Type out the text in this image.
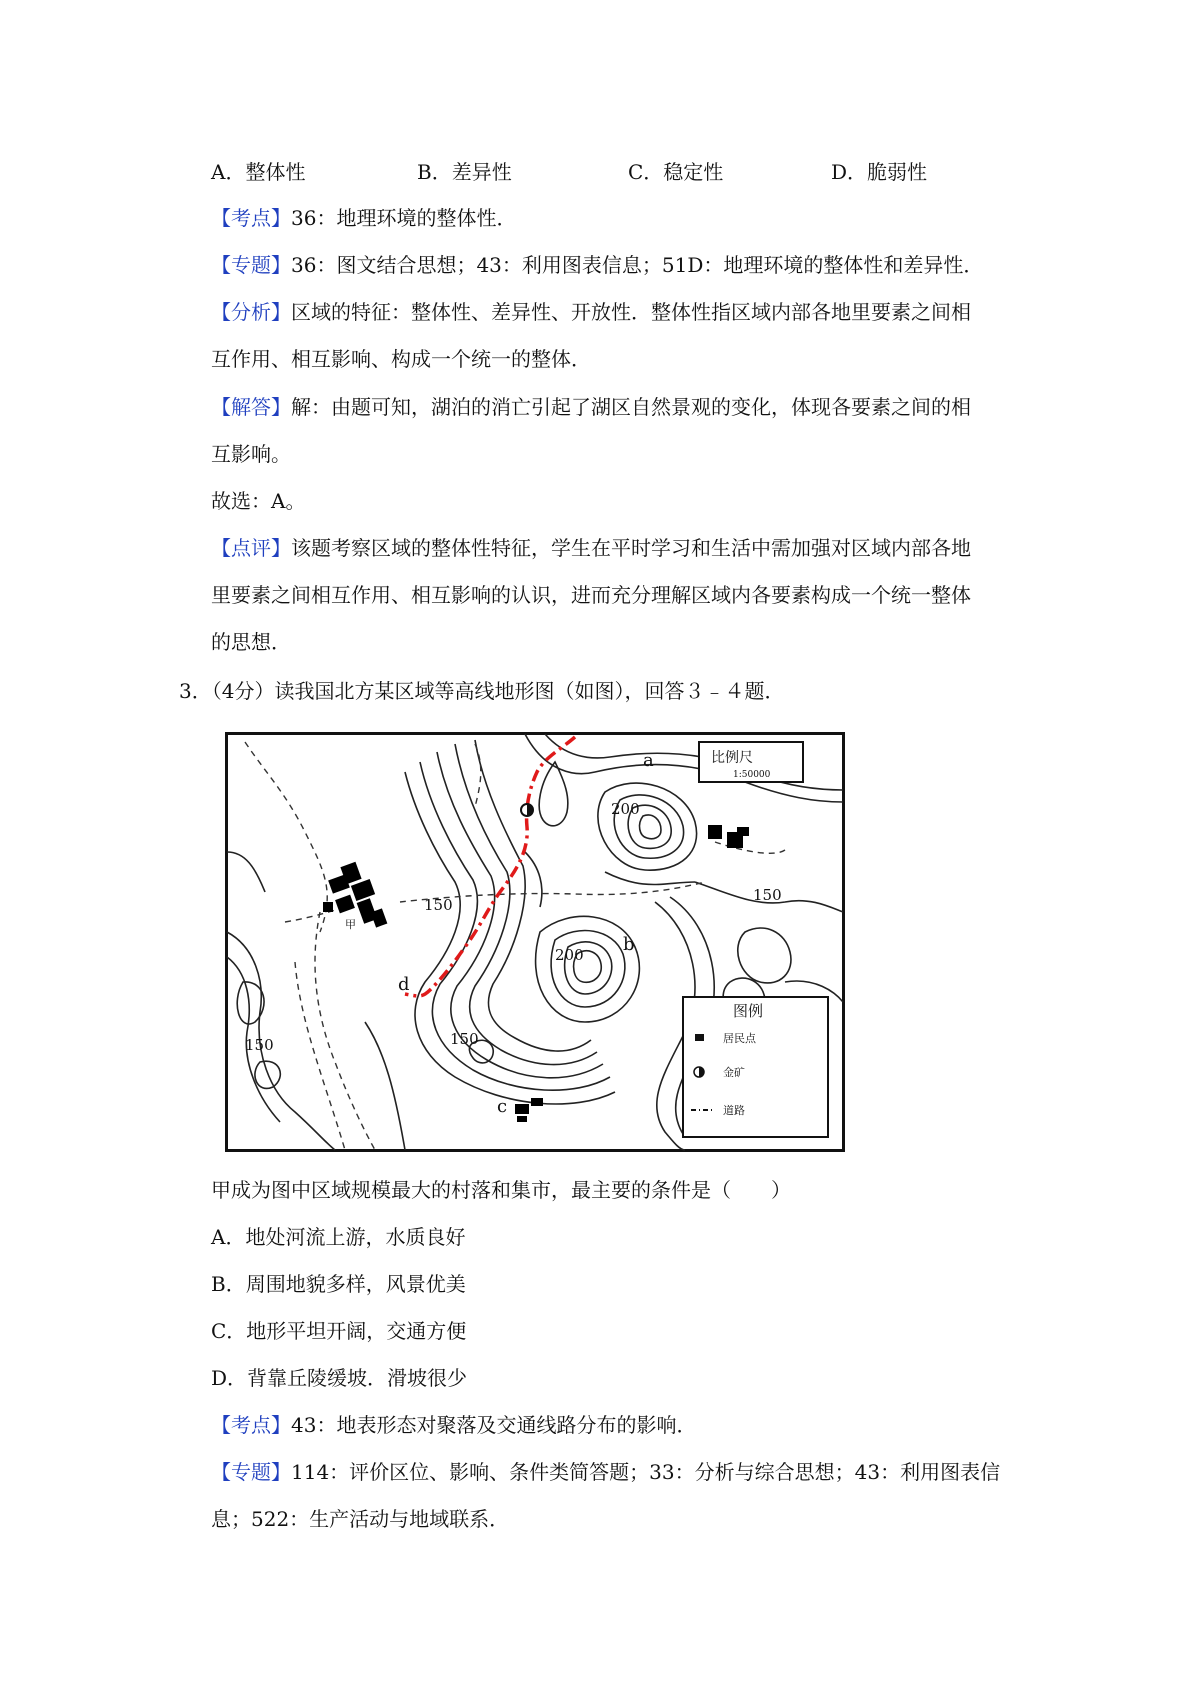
A．整体性	B．差异性	C．稳定性	D．脆弱性
【考点】36：地理环境的整体性．
【专题】36：图文结合思想；43：利用图表信息；51D：地理环境的整体性和差异性．
【分析】区域的特征：整体性、差异性、开放性．整体性指区域内部各地里要素之间相
互作用、相互影响、构成一个统一的整体．
【解答】解：由题可知，湖泊的消亡引起了湖区自然景观的变化，体现各要素之间的相
互影响。
故选：A。
【点评】该题考察区域的整体性特征，学生在平时学习和生活中需加强对区域内部各地
里要素之间相互作用、相互影响的认识，进而充分理解区域内各要素构成一个统一整体
的思想．
3．（4分）读我国北方某区域等高线地形图（如图），回答３﹣４题．
200
200
150
150
150
150
a
b
c
d
甲
比例尺
1:50000
图例
居民点
金矿
道路
甲成为图中区域规模最大的村落和集市，最主要的条件是（　　）
A．地处河流上游，水质良好
B．周围地貌多样，风景优美
C．地形平坦开阔，交通方便
D．背靠丘陵缓坡．滑坡很少
【考点】43：地表形态对聚落及交通线路分布的影响．
【专题】114：评价区位、影响、条件类简答题；33：分析与综合思想；43：利用图表信
息；522：生产活动与地域联系．
